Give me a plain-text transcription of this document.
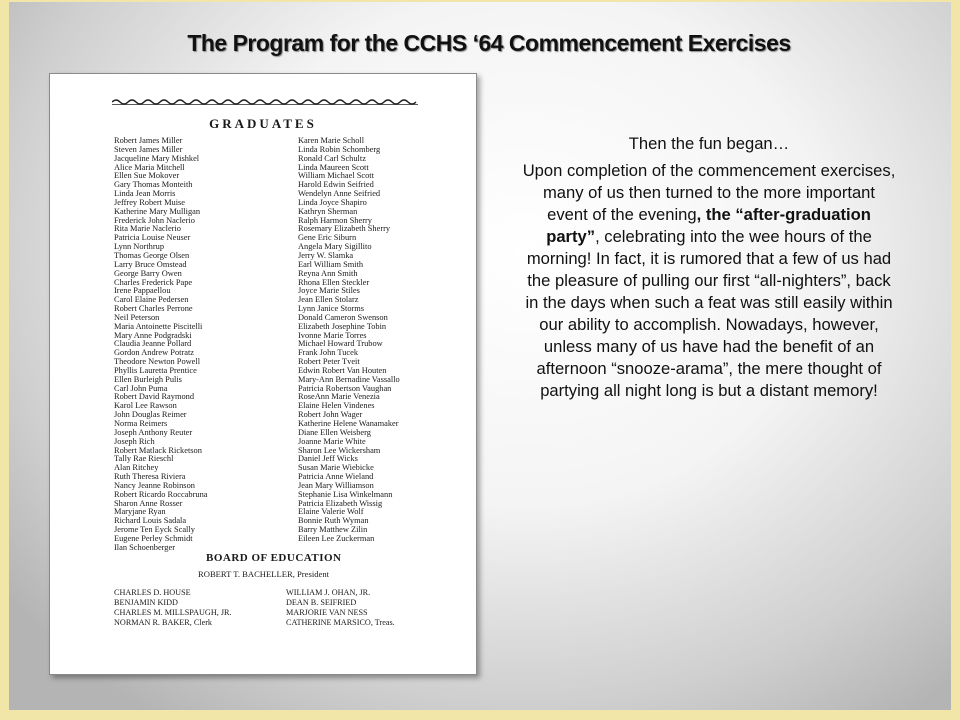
The Program for the CCHS ‘64 Commencement Exercises
GRADUATES
Robert James Miller
Steven James Miller
Jacqueline Mary Mishkel
Alice Maria Mitchell
Ellen Sue Mokover
Gary Thomas Monteith
Linda Jean Morris
Jeffrey Robert Muise
Katherine Mary Mulligan
Frederick John Naclerio
Rita Marie Naclerio
Patricia Louise Neuser
Lynn Northrup
Thomas George Olsen
Larry Bruce Omstead
George Barry Owen
Charles Frederick Pape
Irene Pappaellou
Carol Elaine Pedersen
Robert Charles Perrone
Neil Peterson
Maria Antoinette Piscitelli
Mary Anne Podgradski
Claudia Jeanne Pollard
Gordon Andrew Potratz
Theodore Newton Powell
Phyllis Lauretta Prentice
Ellen Burleigh Pulis
Carl John Puma
Robert David Raymond
Karol Lee Rawson
John Douglas Reimer
Norma Reimers
Joseph Anthony Reuter
Joseph Rich
Robert Matlack Ricketson
Tally Rae Rieschl
Alan Ritchey
Ruth Theresa Riviera
Nancy Jeanne Robinson
Robert Ricardo Roccabruna
Sharon Anne Rosser
Maryjane Ryan
Richard Louis Sadala
Jerome Ten Eyck Scally
Eugene Perley Schmidt
Ilan Schoenberger
Karen Marie Scholl
Linda Robin Schomberg
Ronald Carl Schultz
Linda Maureen Scott
William Michael Scott
Harold Edwin Seifried
Wendelyn Anne Seifried
Linda Joyce Shapiro
Kathryn Sherman
Ralph Harmon Sherry
Rosemary Elizabeth Sherry
Gene Eric Siburn
Angela Mary Sigillito
Jerry W. Slamka
Earl William Smith
Reyna Ann Smith
Rhona Ellen Steckler
Joyce Marie Stiles
Jean Ellen Stolarz
Lynn Janice Storms
Donald Cameron Swenson
Elizabeth Josephine Tobin
Ivonne Marie Torres
Michael Howard Trubow
Frank John Tucek
Robert Peter Tveit
Edwin Robert Van Houten
Mary-Ann Bernadine Vassallo
Patricia Robertson Vaughan
RoseAnn Marie Venezia
Elaine Helen Vindenes
Robert John Wager
Katherine Helene Wanamaker
Diane Ellen Weisberg
Joanne Marie White
Sharon Lee Wickersham
Daniel Jeff Wicks
Susan Marie Wiebicke
Patricia Anne Wieland
Jean Mary Williamson
Stephanie Lisa Winkelmann
Patricia Elizabeth Wissig
Elaine Valerie Wolf
Bonnie Ruth Wyman
Barry Matthew Zilin
Eileen Lee Zuckerman
BOARD OF EDUCATION
ROBERT T. BACHELLER, President
CHARLES D. HOUSE
BENJAMIN KIDD
CHARLES M. MILLSPAUGH, JR.
NORMAN R. BAKER, Clerk
WILLIAM J. OHAN, JR.
DEAN B. SEIFRIED
MARJORIE VAN NESS
CATHERINE MARSICO, Treas.

Then the fun began…

Upon completion of the commencement exercises, many of us then turned to the more important event of the evening, the “after-graduation party”, celebrating into the wee hours of the morning! In fact, it is rumored that a few of us had the pleasure of pulling our first “all-nighters”, back in the days when such a feat was still easily within our ability to accomplish. Nowadays, however, unless many of us have had the benefit of an afternoon “snooze-arama”, the mere thought of partying all night long is but a distant memory!
